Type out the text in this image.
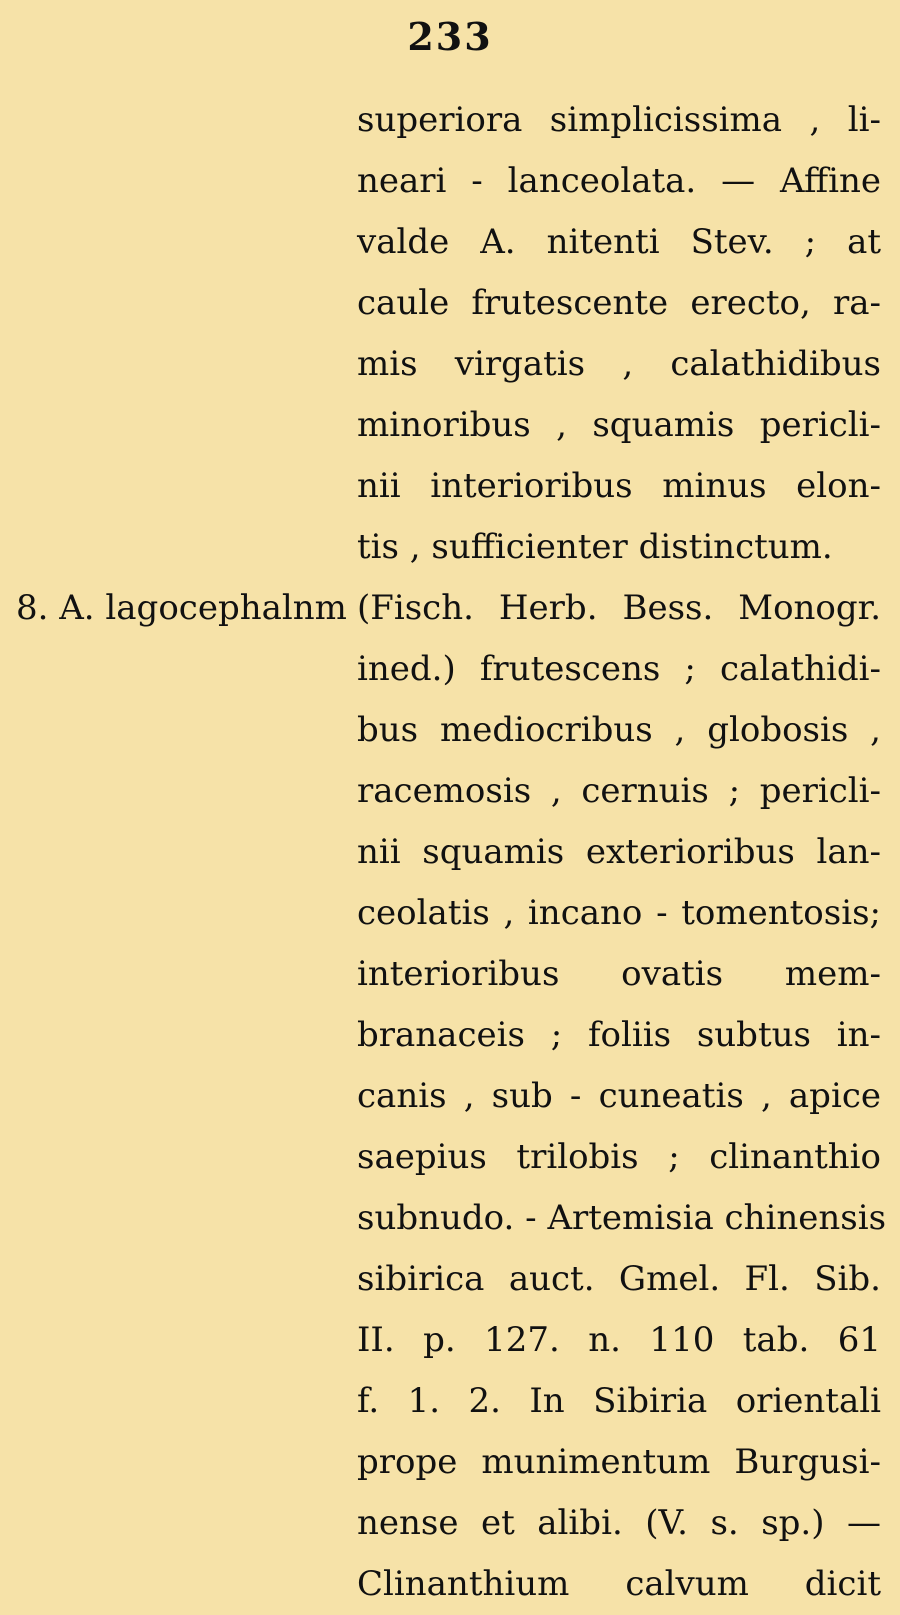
233
superiora simplicissima , li-
neari - lanceolata. — Affine
valde A. nitenti Stev. ; at
caule frutescente erecto, ra-
mis virgatis , calathidibus
minoribus , squamis pericli-
nii interioribus minus elon-
tis , sufficienter distinctum.
8. A. lagocephalnm (Fisch. Herb. Bess. Monogr.
ined.) frutescens ; calathidi-
bus mediocribus , globosis ,
racemosis , cernuis ; pericli-
nii squamis exterioribus lan-
ceolatis , incano - tomentosis;
interioribus ovatis mem-
branaceis ; foliis subtus in-
canis , sub - cuneatis , apice
saepius trilobis ; clinanthio
subnudo. - Artemisia chinensis
sibirica auct. Gmel. Fl. Sib.
II. p. 127. n. 110 tab. 61
f. 1. 2. In Sibiria orientali
prope munimentum Burgusi-
nense et alibi. (V. s. sp.) —
Clinanthium calvum dicit
